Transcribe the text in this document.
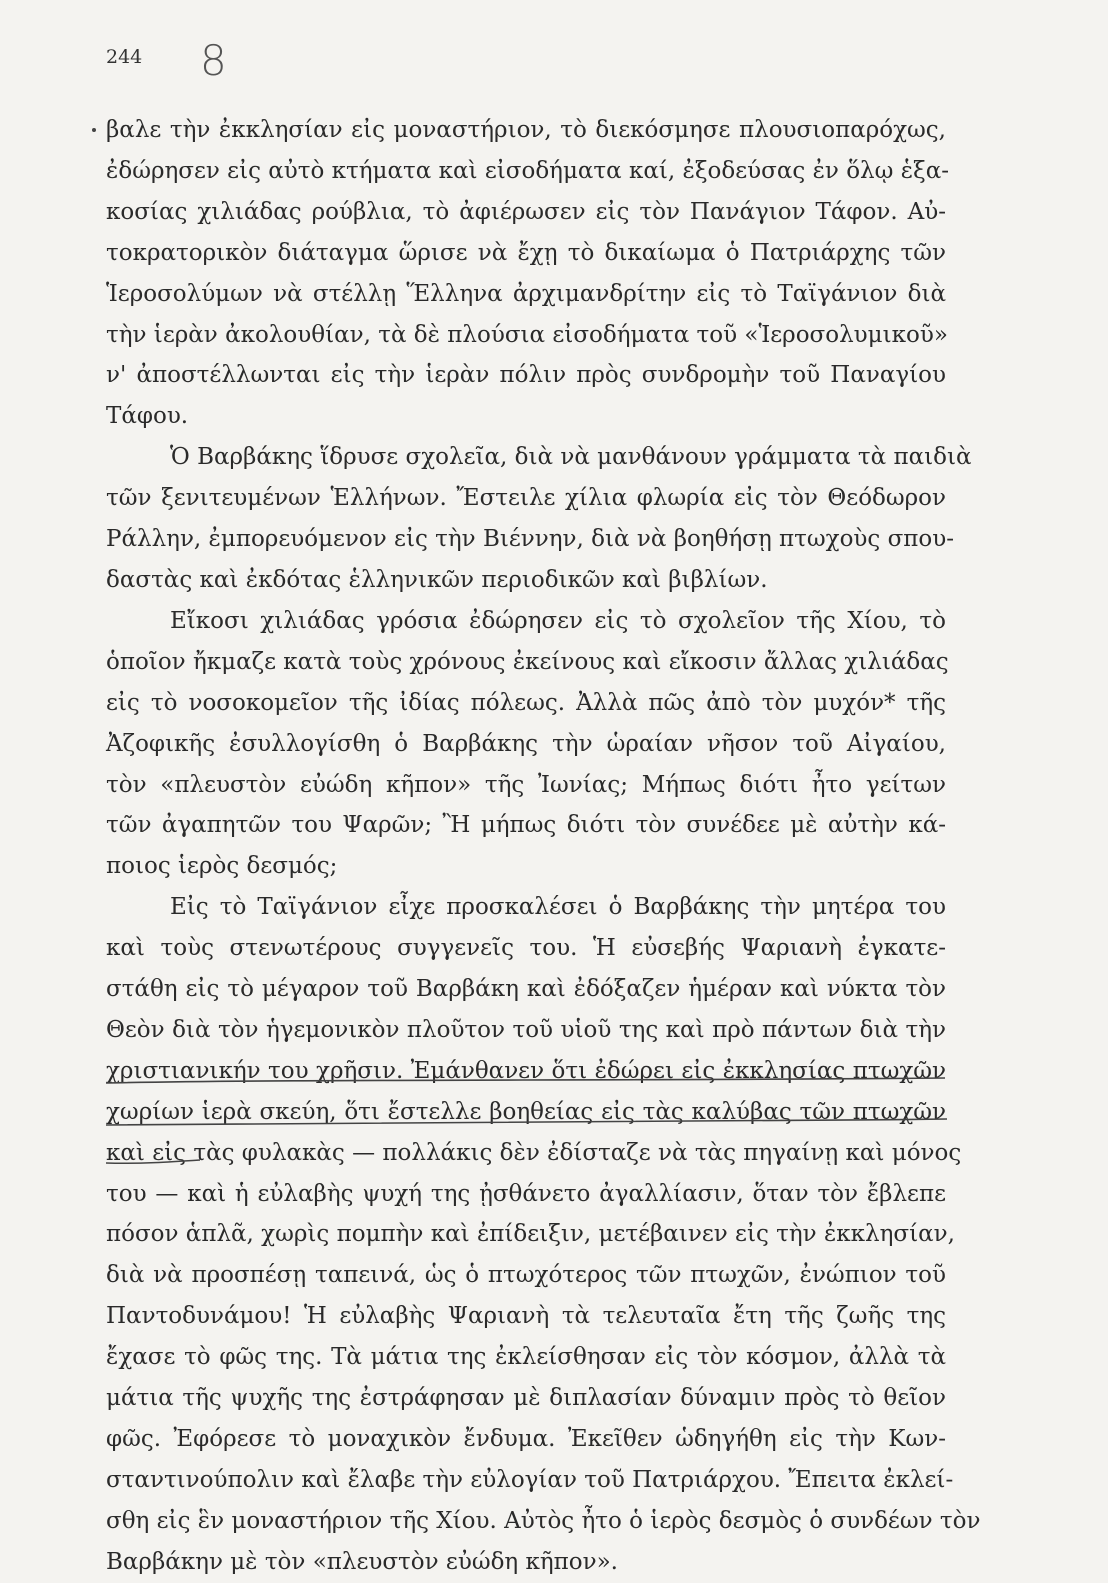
244 8
βαλε τὴν ἐκκλησίαν εἰς μοναστήριον, τὸ διεκόσμησε πλουσιοπαρόχως,
ἐδώρησεν εἰς αὐτὸ κτήματα καὶ εἰσοδήματα καί, ἐξοδεύσας ἐν ὅλῳ ἑξα-
κοσίας χιλιάδας ρούβλια, τὸ ἀφιέρωσεν εἰς τὸν Πανάγιον Τάφον. Αὐ-
τοκρατορικὸν διάταγμα ὥρισε νὰ ἔχῃ τὸ δικαίωμα ὁ Πατριάρχης τῶν
Ἱεροσολύμων νὰ στέλλῃ Ἕλληνα ἀρχιμανδρίτην εἰς τὸ Ταϊγάνιον διὰ
τὴν ἱερὰν ἀκολουθίαν, τὰ δὲ πλούσια εἰσοδήματα τοῦ «Ἱεροσολυμικοῦ»
ν' ἀποστέλλωνται εἰς τὴν ἱερὰν πόλιν πρὸς συνδρομὴν τοῦ Παναγίου
Τάφου.
Ὁ Βαρβάκης ἵδρυσε σχολεῖα, διὰ νὰ μανθάνουν γράμματα τὰ παιδιὰ
τῶν ξενιτευμένων Ἑλλήνων. Ἔστειλε χίλια φλωρία εἰς τὸν Θεόδωρον
Ράλλην, ἐμπορευόμενον εἰς τὴν Βιέννην, διὰ νὰ βοηθήσῃ πτωχοὺς σπου-
δαστὰς καὶ ἐκδότας ἑλληνικῶν περιοδικῶν καὶ βιβλίων.
Εἴκοσι χιλιάδας γρόσια ἐδώρησεν εἰς τὸ σχολεῖον τῆς Χίου, τὸ
ὁποῖον ἤκμαζε κατὰ τοὺς χρόνους ἐκείνους καὶ εἴκοσιν ἄλλας χιλιάδας
εἰς τὸ νοσοκομεῖον τῆς ἰδίας πόλεως. Ἀλλὰ πῶς ἀπὸ τὸν μυχόν* τῆς
Ἀζοφικῆς ἐσυλλογίσθη ὁ Βαρβάκης τὴν ὡραίαν νῆσον τοῦ Αἰγαίου,
τὸν «πλευστὸν εὐώδη κῆπον» τῆς Ἰωνίας; Μήπως διότι ἦτο γείτων
τῶν ἀγαπητῶν του Ψαρῶν; Ἢ μήπως διότι τὸν συνέδεε μὲ αὐτὴν κά-
ποιος ἱερὸς δεσμός;
Εἰς τὸ Ταϊγάνιον εἶχε προσκαλέσει ὁ Βαρβάκης τὴν μητέρα του
καὶ τοὺς στενωτέρους συγγενεῖς του. Ἡ εὐσεβής Ψαριανὴ ἐγκατε-
στάθη εἰς τὸ μέγαρον τοῦ Βαρβάκη καὶ ἐδόξαζεν ἡμέραν καὶ νύκτα τὸν
Θεὸν διὰ τὸν ἡγεμονικὸν πλοῦτον τοῦ υἱοῦ της καὶ πρὸ πάντων διὰ τὴν
χριστιανικήν του χρῆσιν. Ἐμάνθανεν ὅτι ἐδώρει εἰς ἐκκλησίας πτωχῶν
χωρίων ἱερὰ σκεύη, ὅτι ἔστελλε βοηθείας εἰς τὰς καλύβας τῶν πτωχῶν
καὶ εἰς τὰς φυλακὰς — πολλάκις δὲν ἐδίσταζε νὰ τὰς πηγαίνῃ καὶ μόνος
του — καὶ ἡ εὐλαβὴς ψυχή της ᾐσθάνετο ἀγαλλίασιν, ὅταν τὸν ἔβλεπε
πόσον ἁπλᾶ, χωρὶς πομπὴν καὶ ἐπίδειξιν, μετέβαινεν εἰς τὴν ἐκκλησίαν,
διὰ νὰ προσπέσῃ ταπεινά, ὡς ὁ πτωχότερος τῶν πτωχῶν, ἐνώπιον τοῦ
Παντοδυνάμου! Ἡ εὐλαβὴς Ψαριανὴ τὰ τελευταῖα ἔτη τῆς ζωῆς της
ἔχασε τὸ φῶς της. Τὰ μάτια της ἐκλείσθησαν εἰς τὸν κόσμον, ἀλλὰ τὰ
μάτια τῆς ψυχῆς της ἐστράφησαν μὲ διπλασίαν δύναμιν πρὸς τὸ θεῖον
φῶς. Ἐφόρεσε τὸ μοναχικὸν ἔνδυμα. Ἐκεῖθεν ὡδηγήθη εἰς τὴν Κων-
σταντινούπολιν καὶ ἔλαβε τὴν εὐλογίαν τοῦ Πατριάρχου. Ἔπειτα ἐκλεί-
σθη εἰς ἓν μοναστήριον τῆς Χίου. Αὐτὸς ἦτο ὁ ἱερὸς δεσμὸς ὁ συνδέων τὸν
Βαρβάκην μὲ τὸν «πλευστὸν εὐώδη κῆπον».
